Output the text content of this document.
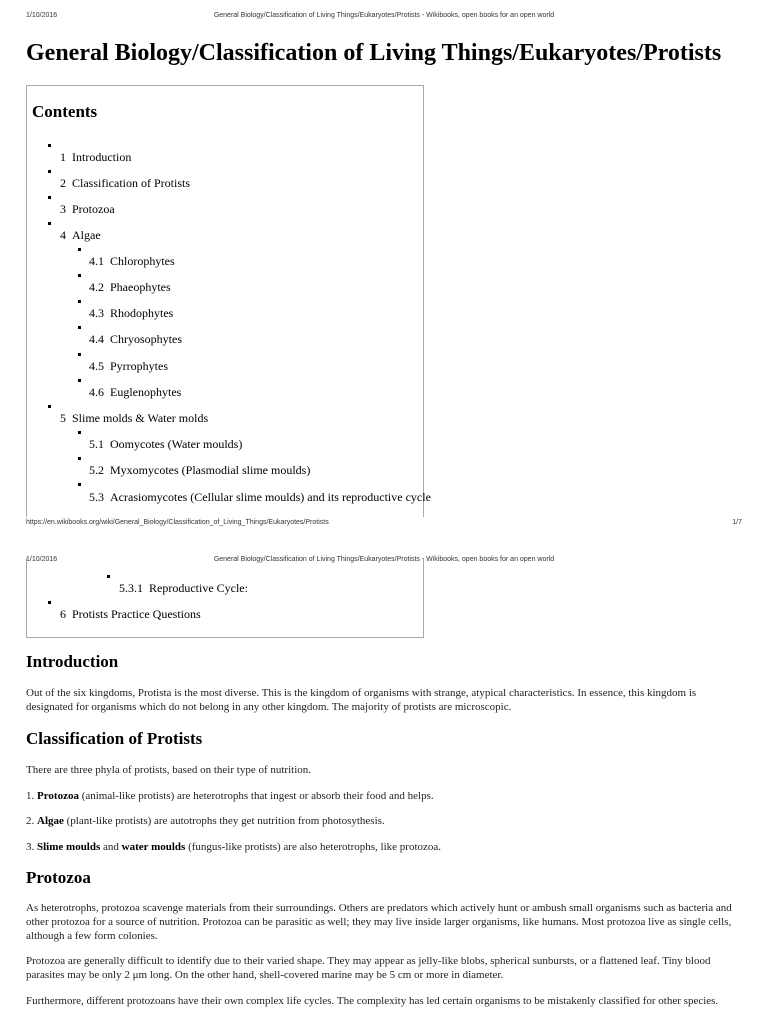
1/10/2016	General Biology/Classification of Living Things/Eukaryotes/Protists - Wikibooks, open books for an open world
General Biology/Classification of Living Things/Eukaryotes/Protists
Contents
1 Introduction
2 Classification of Protists
3 Protozoa
4 Algae
4.1 Chlorophytes
4.2 Phaeophytes
4.3 Rhodophytes
4.4 Chryosophytes
4.5 Pyrrophytes
4.6 Euglenophytes
5 Slime molds & Water molds
5.1 Oomycotes (Water moulds)
5.2 Myxomycotes (Plasmodial slime moulds)
5.3 Acrasiomycotes (Cellular slime moulds) and its reproductive cycle
https://en.wikibooks.org/wiki/General_Biology/Classification_of_Living_Things/Eukaryotes/Protists	1/7
1/10/2016	General Biology/Classification of Living Things/Eukaryotes/Protists - Wikibooks, open books for an open world
5.3.1 Reproductive Cycle:
6 Protists Practice Questions
Introduction

Out of the six kingdoms, Protista is the most diverse. This is the kingdom of organisms with strange, atypical characteristics. In essence, this kingdom is designated for organisms which do not belong in any other kingdom. The majority of protists are microscopic.

Classification of Protists

There are three phyla of protists, based on their type of nutrition.

1. Protozoa (animal-like protists) are heterotrophs that ingest or absorb their food and helps.

2. Algae (plant-like protists) are autotrophs they get nutrition from photosythesis.

3. Slime moulds and water moulds (fungus-like protists) are also heterotrophs, like protozoa.

Protozoa

As heterotrophs, protozoa scavenge materials from their surroundings. Others are predators which actively hunt or ambush small organisms such as bacteria and other protozoa for a source of nutrition. Protozoa can be parasitic as well; they may live inside larger organisms, like humans. Most protozoa live as single cells, although a few form colonies.

Protozoa are generally difficult to identify due to their varied shape. They may appear as jelly-like blobs, spherical sunbursts, or a flattened leaf. Tiny blood parasites may be only 2 μm long. On the other hand, shell-covered marine may be 5 cm or more in diameter.

Furthermore, different protozoans have their own complex life cycles. The complexity has led certain organisms to be mistakenly classified for other species.
